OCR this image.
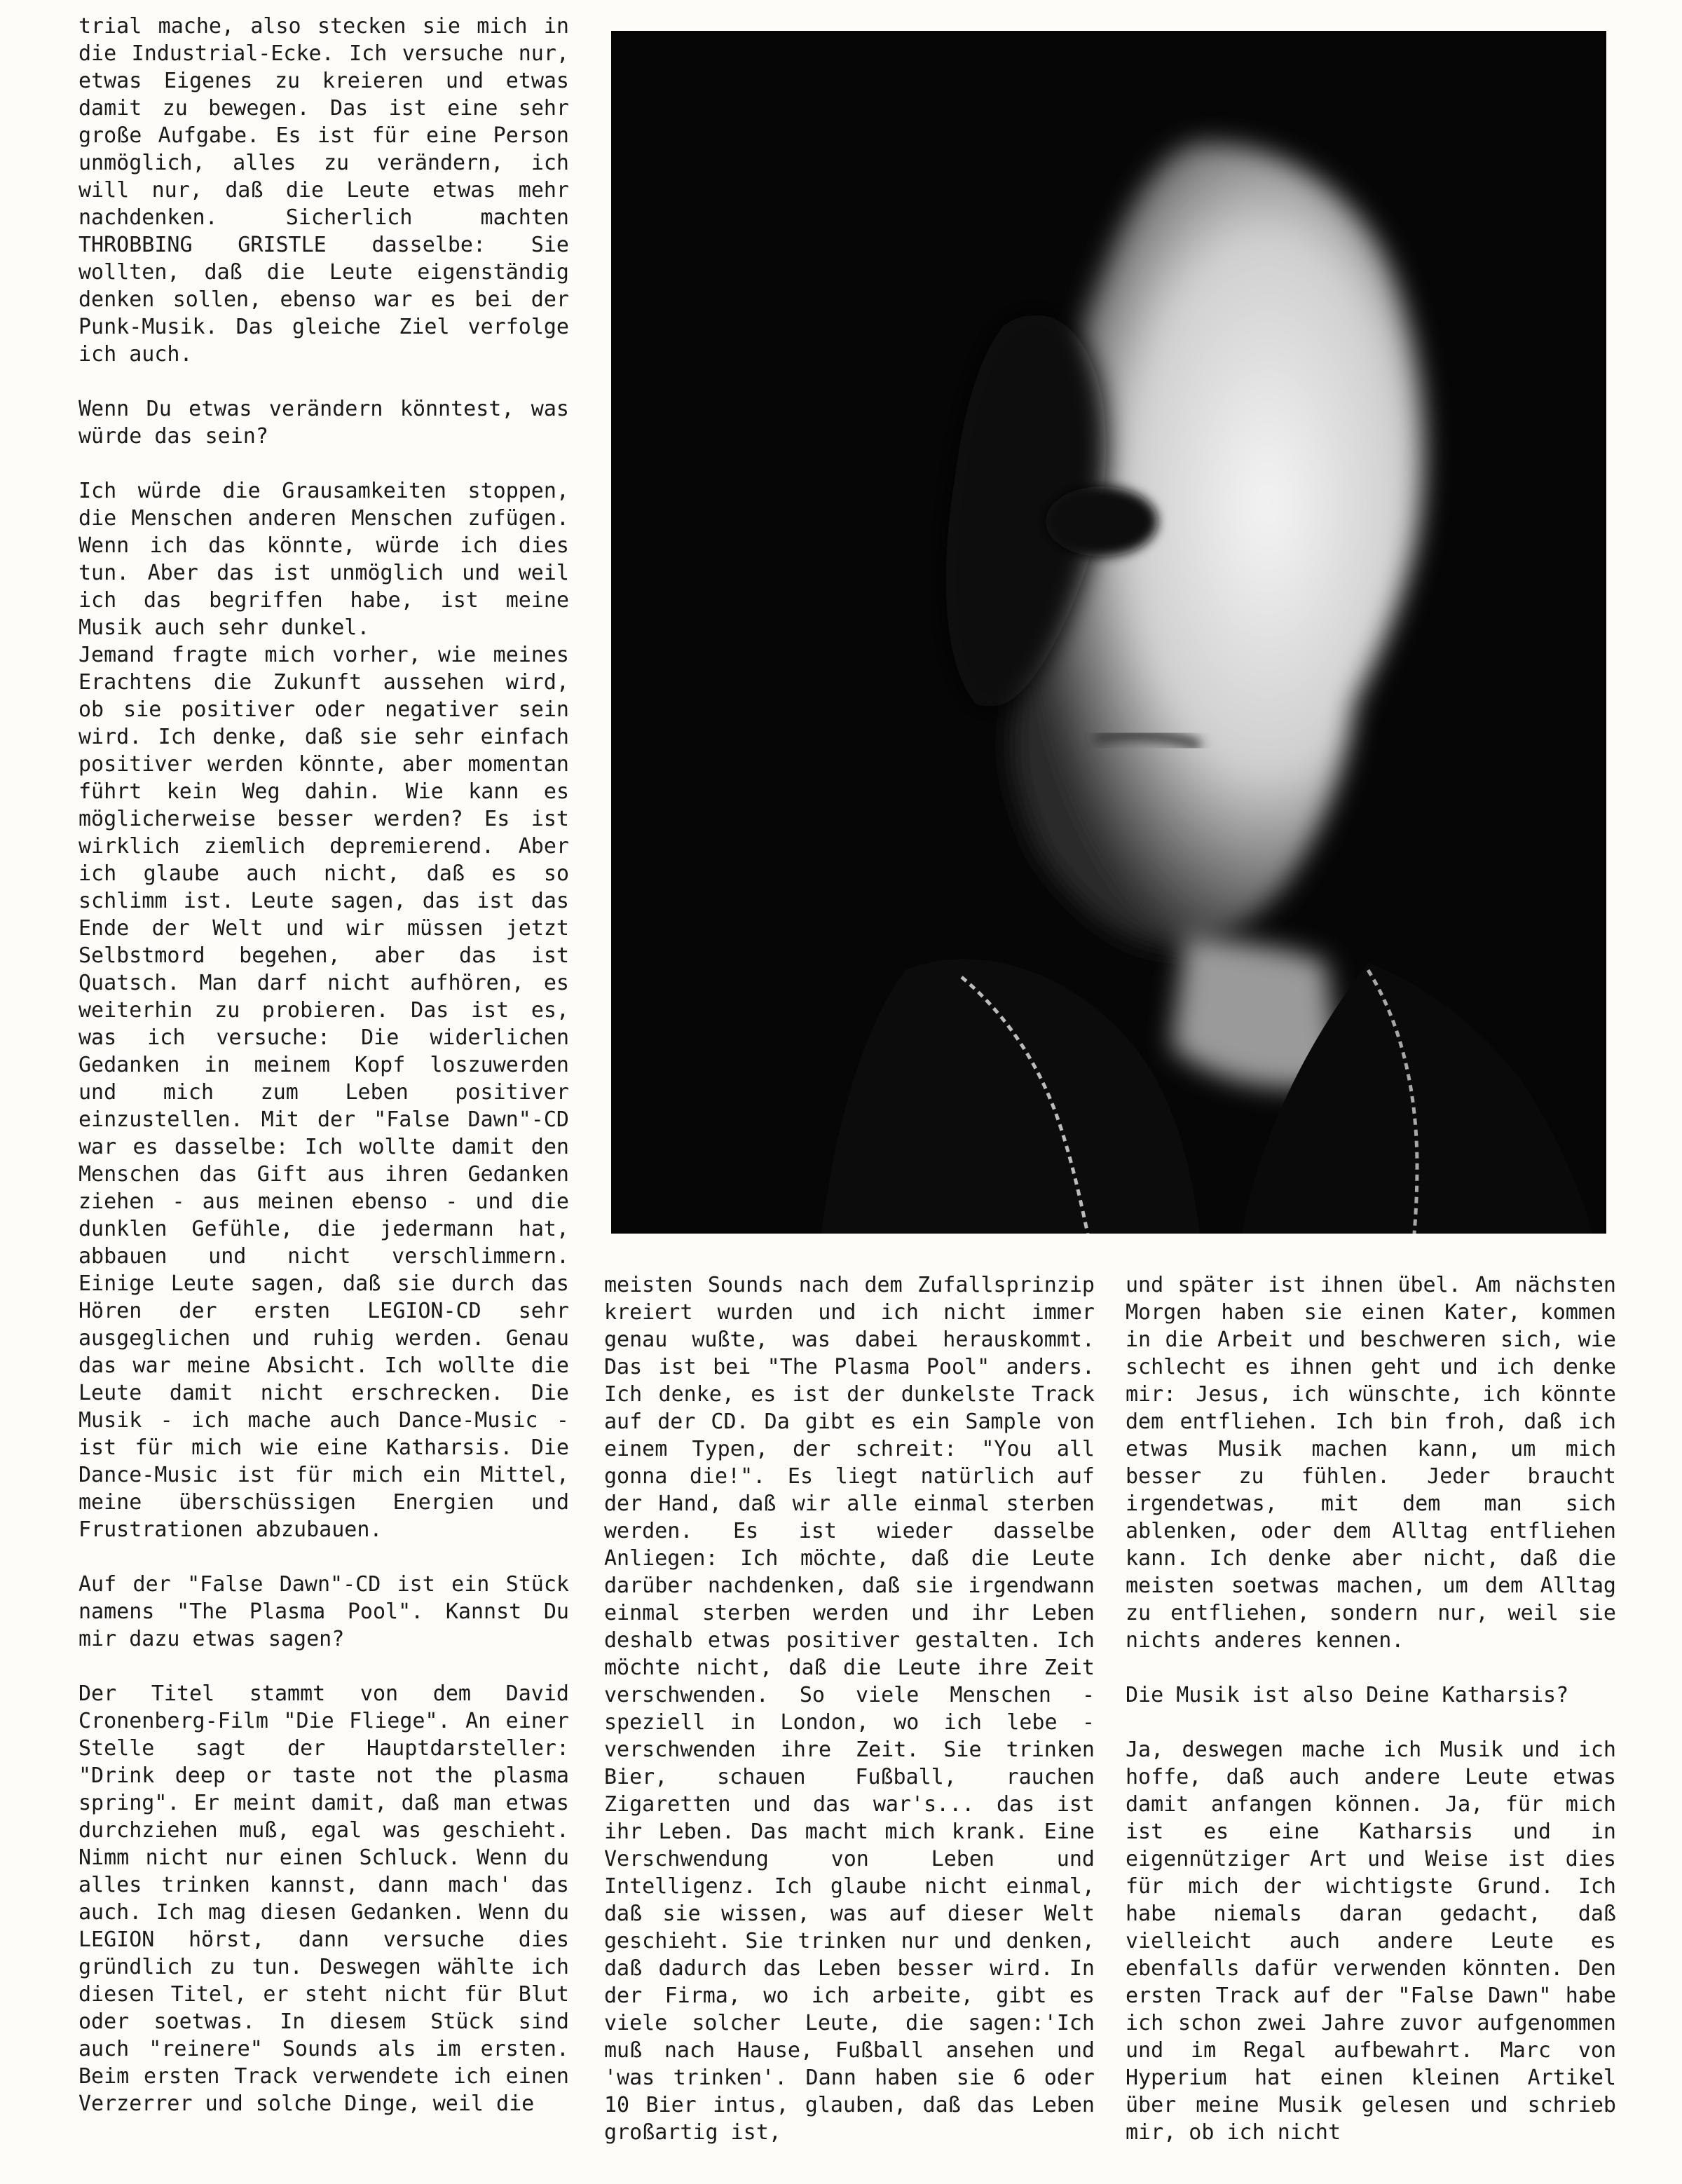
trial mache, also stecken sie mich in die Industrial-Ecke. Ich versuche nur, etwas Eigenes zu kreieren und etwas damit zu bewegen. Das ist eine sehr große Aufgabe. Es ist für eine Person unmöglich, alles zu verändern, ich will nur, daß die Leute etwas mehr nachdenken. Sicherlich machten THROBBING GRISTLE dasselbe: Sie wollten, daß die Leute eigenständig denken sollen, ebenso war es bei der Punk-Musik. Das gleiche Ziel verfolge ich auch.

Wenn Du etwas verändern könntest, was würde das sein?

Ich würde die Grausamkeiten stoppen, die Menschen anderen Menschen zufügen. Wenn ich das könnte, würde ich dies tun. Aber das ist unmöglich und weil ich das begriffen habe, ist meine Musik auch sehr dunkel.
Jemand fragte mich vorher, wie meines Erachtens die Zukunft aussehen wird, ob sie positiver oder negativer sein wird. Ich denke, daß sie sehr einfach positiver werden könnte, aber momentan führt kein Weg dahin. Wie kann es möglicherweise besser werden? Es ist wirklich ziemlich depremierend. Aber ich glaube auch nicht, daß es so schlimm ist. Leute sagen, das ist das Ende der Welt und wir müssen jetzt Selbstmord begehen, aber das ist Quatsch. Man darf nicht aufhören, es weiterhin zu probieren. Das ist es, was ich versuche: Die widerlichen Gedanken in meinem Kopf loszuwerden und mich zum Leben positiver einzustellen. Mit der "False Dawn"-CD war es dasselbe: Ich wollte damit den Menschen das Gift aus ihren Gedanken ziehen - aus meinen ebenso - und die dunklen Gefühle, die jedermann hat, abbauen und nicht verschlimmern. Einige Leute sagen, daß sie durch das Hören der ersten LEGION-CD sehr ausgeglichen und ruhig werden. Genau das war meine Absicht. Ich wollte die Leute damit nicht erschrecken. Die Musik - ich mache auch Dance-Music - ist für mich wie eine Katharsis. Die Dance-Music ist für mich ein Mittel, meine überschüssigen Energien und Frustrationen abzubauen.

Auf der "False Dawn"-CD ist ein Stück namens "The Plasma Pool". Kannst Du mir dazu etwas sagen?

Der Titel stammt von dem David Cronenberg-Film "Die Fliege". An einer Stelle sagt der Hauptdarsteller: "Drink deep or taste not the plasma spring". Er meint damit, daß man etwas durchziehen muß, egal was geschieht. Nimm nicht nur einen Schluck. Wenn du alles trinken kannst, dann mach' das auch. Ich mag diesen Gedanken. Wenn du LEGION hörst, dann versuche dies gründlich zu tun. Deswegen wählte ich diesen Titel, er steht nicht für Blut oder soetwas. In diesem Stück sind auch "reinere" Sounds als im ersten. Beim ersten Track verwendete ich einen Verzerrer und solche Dinge, weil die

meisten Sounds nach dem Zufallsprinzip kreiert wurden und ich nicht immer genau wußte, was dabei herauskommt. Das ist bei "The Plasma Pool" anders. Ich denke, es ist der dunkelste Track auf der CD. Da gibt es ein Sample von einem Typen, der schreit: "You all gonna die!". Es liegt natürlich auf der Hand, daß wir alle einmal sterben werden. Es ist wieder dasselbe Anliegen: Ich möchte, daß die Leute darüber nachdenken, daß sie irgendwann einmal sterben werden und ihr Leben deshalb etwas positiver gestalten. Ich möchte nicht, daß die Leute ihre Zeit verschwenden. So viele Menschen - speziell in London, wo ich lebe - verschwenden ihre Zeit. Sie trinken Bier, schauen Fußball, rauchen Zigaretten und das war's... das ist ihr Leben. Das macht mich krank. Eine Verschwendung von Leben und Intelligenz. Ich glaube nicht einmal, daß sie wissen, was auf dieser Welt geschieht. Sie trinken nur und denken, daß dadurch das Leben besser wird. In der Firma, wo ich arbeite, gibt es viele solcher Leute, die sagen:'Ich muß nach Hause, Fußball ansehen und 'was trinken'. Dann haben sie 6 oder 10 Bier intus, glauben, daß das Leben großartig ist,

und später ist ihnen übel. Am nächsten Morgen haben sie einen Kater, kommen in die Arbeit und beschweren sich, wie schlecht es ihnen geht und ich denke mir: Jesus, ich wünschte, ich könnte dem entfliehen. Ich bin froh, daß ich etwas Musik machen kann, um mich besser zu fühlen. Jeder braucht irgendetwas, mit dem man sich ablenken, oder dem Alltag entfliehen kann. Ich denke aber nicht, daß die meisten soetwas machen, um dem Alltag zu entfliehen, sondern nur, weil sie nichts anderes kennen.

Die Musik ist also Deine Katharsis?

Ja, deswegen mache ich Musik und ich hoffe, daß auch andere Leute etwas damit anfangen können. Ja, für mich ist es eine Katharsis und in eigennütziger Art und Weise ist dies für mich der wichtigste Grund. Ich habe niemals daran gedacht, daß vielleicht auch andere Leute es ebenfalls dafür verwenden könnten. Den ersten Track auf der "False Dawn" habe ich schon zwei Jahre zuvor aufgenommen und im Regal aufbewahrt. Marc von Hyperium hat einen kleinen Artikel über meine Musik gelesen und schrieb mir, ob ich nicht
